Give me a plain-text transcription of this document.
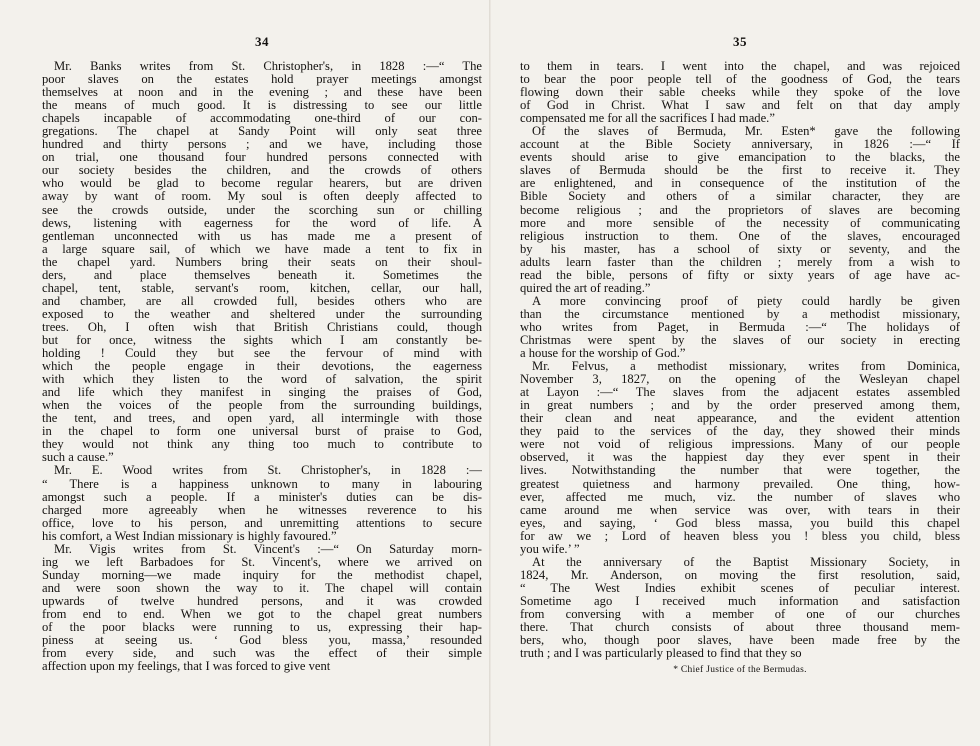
34
Mr. Banks writes from St. Christopher's, in 1828 :—“ The
poor slaves on the estates hold prayer meetings amongst
themselves at noon and in the evening ; and these have been
the means of much good. It is distressing to see our little
chapels incapable of accommodating one-third of our con-
gregations. The chapel at Sandy Point will only seat three
hundred and thirty persons ; and we have, including those
on trial, one thousand four hundred persons connected with
our society besides the children, and the crowds of others
who would be glad to become regular hearers, but are driven
away by want of room. My soul is often deeply affected to
see the crowds outside, under the scorching sun or chilling
dews, listening with eagerness for the word of life. A
gentleman unconnected with us has made me a present of
a large square sail, of which we have made a tent to fix in
the chapel yard. Numbers bring their seats on their shoul-
ders, and place themselves beneath it. Sometimes the
chapel, tent, stable, servant's room, kitchen, cellar, our hall,
and chamber, are all crowded full, besides others who are
exposed to the weather and sheltered under the surrounding
trees. Oh, I often wish that British Christians could, though
but for once, witness the sights which I am constantly be-
holding ! Could they but see the fervour of mind with
which the people engage in their devotions, the eagerness
with which they listen to the word of salvation, the spirit
and life which they manifest in singing the praises of God,
when the voices of the people from the surrounding buildings,
the tent, and trees, and open yard, all intermingle with those
in the chapel to form one universal burst of praise to God,
they would not think any thing too much to contribute to
such a cause.”
Mr. E. Wood writes from St. Christopher's, in 1828 :—
“ There is a happiness unknown to many in labouring
amongst such a people. If a minister's duties can be dis-
charged more agreeably when he witnesses reverence to his
office, love to his person, and unremitting attentions to secure
his comfort, a West Indian missionary is highly favoured.”
Mr. Vigis writes from St. Vincent's :—“ On Saturday morn-
ing we left Barbadoes for St. Vincent's, where we arrived on
Sunday morning—we made inquiry for the methodist chapel,
and were soon shown the way to it. The chapel will contain
upwards of twelve hundred persons, and it was crowded
from end to end. When we got to the chapel great numbers
of the poor blacks were running to us, expressing their hap-
piness at seeing us. ‘ God bless you, massa,’ resounded
from every side, and such was the effect of their simple
affection upon my feelings, that I was forced to give vent
35
to them in tears. I went into the chapel, and was rejoiced
to bear the poor people tell of the goodness of God, the tears
flowing down their sable cheeks while they spoke of the love
of God in Christ. What I saw and felt on that day amply
compensated me for all the sacrifices I had made.”
Of the slaves of Bermuda, Mr. Esten* gave the following
account at the Bible Society anniversary, in 1826 :—“ If
events should arise to give emancipation to the blacks, the
slaves of Bermuda should be the first to receive it. They
are enlightened, and in consequence of the institution of the
Bible Society and others of a similar character, they are
become religious ; and the proprietors of slaves are becoming
more and more sensible of the necessity of communicating
religious instruction to them. One of the slaves, encouraged
by his master, has a school of sixty or seventy, and the
adults learn faster than the children ; merely from a wish to
read the bible, persons of fifty or sixty years of age have ac-
quired the art of reading.”
A more convincing proof of piety could hardly be given
than the circumstance mentioned by a methodist missionary,
who writes from Paget, in Bermuda :—“ The holidays of
Christmas were spent by the slaves of our society in erecting
a house for the worship of God.”
Mr. Felvus, a methodist missionary, writes from Dominica,
November 3, 1827, on the opening of the Wesleyan chapel
at Layon :—“ The slaves from the adjacent estates assembled
in great numbers ; and by the order preserved among them,
their clean and neat appearance, and the evident attention
they paid to the services of the day, they showed their minds
were not void of religious impressions. Many of our people
observed, it was the happiest day they ever spent in their
lives. Notwithstanding the number that were together, the
greatest quietness and harmony prevailed. One thing, how-
ever, affected me much, viz. the number of slaves who
came around me when service was over, with tears in their
eyes, and saying, ‘ God bless massa, you build this chapel
for aw we ; Lord of heaven bless you ! bless you child, bless
you wife.’ ”
At the anniversary of the Baptist Missionary Society, in
1824, Mr. Anderson, on moving the first resolution, said,
“ The West Indies exhibit scenes of peculiar interest.
Sometime ago I received much information and satisfaction
from conversing with a member of one of our churches
there. That church consists of about three thousand mem-
bers, who, though poor slaves, have been made free by the
truth ; and I was particularly pleased to find that they so
* Chief Justice of the Bermudas.
